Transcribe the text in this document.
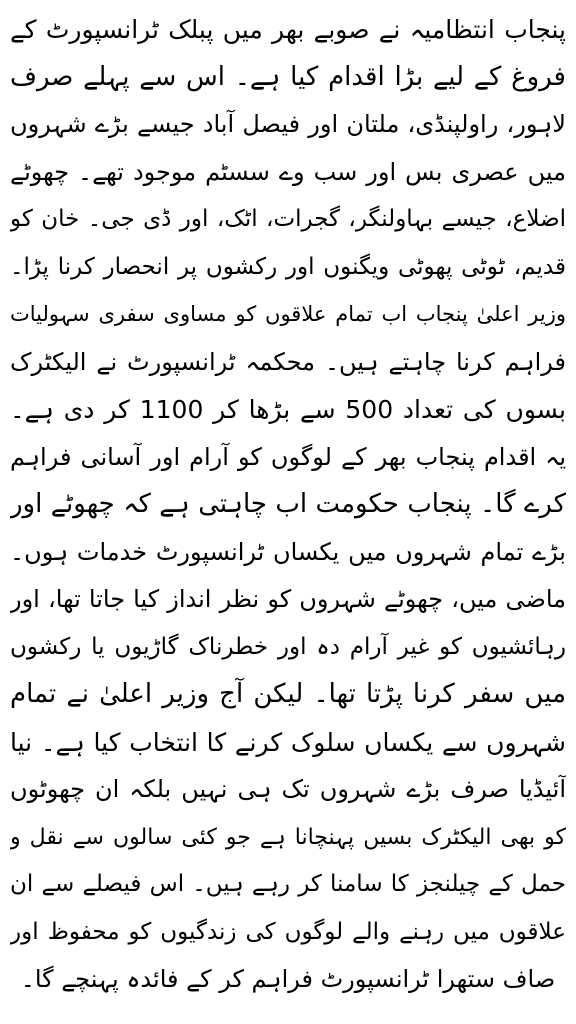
پنجاب انتظامیہ نے صوبے بھر میں پبلک ٹرانسپورٹ کے
فروغ کے لیے بڑا اقدام کیا ہے۔ اس سے پہلے صرف
لاہور، راولپنڈی، ملتان اور فیصل آباد جیسے بڑے شہروں
میں عصری بس اور سب وے سسٹم موجود تھے۔ چھوٹے
اضلاع، جیسے بہاولنگر، گجرات، اٹک، اور ڈی جی۔ خان کو
قدیم، ٹوٹی پھوٹی ویگنوں اور رکشوں پر انحصار کرنا پڑا۔
وزیر اعلیٰ پنجاب اب تمام علاقوں کو مساوی سفری سہولیات
فراہم کرنا چاہتے ہیں۔ محکمہ ٹرانسپورٹ نے الیکٹرک
بسوں کی تعداد 500 سے بڑھا کر 1100 کر دی ہے۔
یہ اقدام پنجاب بھر کے لوگوں کو آرام اور آسانی فراہم
کرے گا۔ پنجاب حکومت اب چاہتی ہے کہ چھوٹے اور
بڑے تمام شہروں میں یکساں ٹرانسپورٹ خدمات ہوں۔
ماضی میں، چھوٹے شہروں کو نظر انداز کیا جاتا تھا، اور
رہائشیوں کو غیر آرام دہ اور خطرناک گاڑیوں یا رکشوں
میں سفر کرنا پڑتا تھا۔ لیکن آج وزیر اعلیٰ نے تمام
شہروں سے یکساں سلوک کرنے کا انتخاب کیا ہے۔ نیا
آئیڈیا صرف بڑے شہروں تک ہی نہیں بلکہ ان چھوٹوں
کو بھی الیکٹرک بسیں پہنچانا ہے جو کئی سالوں سے نقل و
حمل کے چیلنجز کا سامنا کر رہے ہیں۔ اس فیصلے سے ان
علاقوں میں رہنے والے لوگوں کی زندگیوں کو محفوظ اور
صاف ستھرا ٹرانسپورٹ فراہم کر کے فائدہ پہنچے گا۔
